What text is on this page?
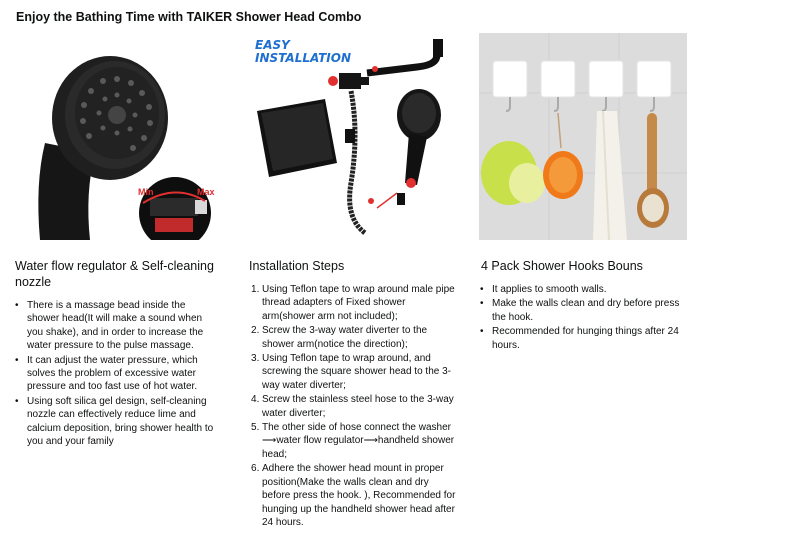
Enjoy the Bathing Time with TAIKER Shower Head Combo
Min	Max
Water flow regulator & Self-cleaning nozzle
• There is a massage bead inside the shower head(It will make a sound when you shake), and in order to increase the water pressure to the pulse massage.
• It can adjust the water pressure, which solves the problem of excessive water pressure and too fast use of hot water.
• Using soft silica gel design, self-cleaning nozzle can effectively reduce lime and calcium deposition, bring shower health to you and your family
EASY
INSTALLATION
Installation Steps
Using Teflon tape to wrap around male pipe thread adapters of Fixed shower arm(shower arm not included);
Screw the 3-way water diverter to the shower arm(notice the direction);
Using Teflon tape to wrap around, and screwing the square shower head to the 3-way water diverter;
Screw the stainless steel hose to the 3-way water diverter;
The other side of hose connect the washer ⟶water flow regulator⟶handheld shower head;
Adhere the shower head mount in proper position(Make the walls clean and dry before press the hook. ), Recommended for hunging up the handheld shower head after 24 hours.
4 Pack Shower Hooks Bouns
• It applies to smooth walls.
• Make the walls clean and dry before press the hook.
• Recommended for hunging things after 24 hours.
